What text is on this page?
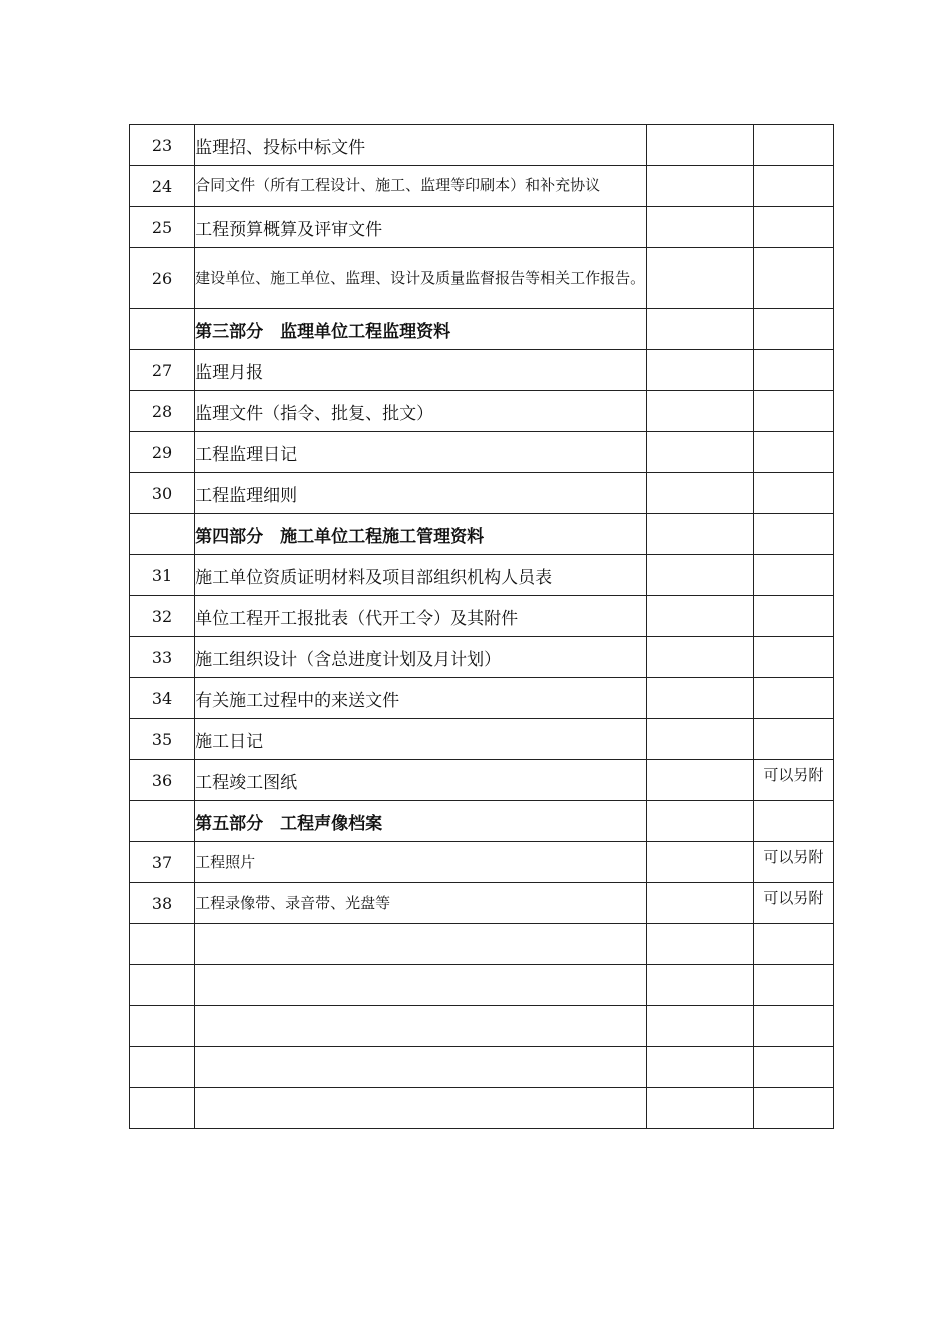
23	监理招、投标中标文件		
24	合同文件（所有工程设计、施工、监理等印刷本）和补充协议		

25	工程预算概算及评审文件		
26	建设单位、施工单位、监理、设计及质量监督报告等相关工作报告。		
	第三部分　监理单位工程监理资料		
27	监理月报		
28	监理文件（指令、批复、批文）		
29	工程监理日记		
30	工程监理细则		
	第四部分　施工单位工程施工管理资料		
31	施工单位资质证明材料及项目部组织机构人员表		
32	单位工程开工报批表（代开工令）及其附件		
33	施工组织设计（含总进度计划及月计划）		
34	有关施工过程中的来送文件		
35	施工日记		
36	工程竣工图纸		可以另附

	第五部分　工程声像档案		
37	工程照片		可以另附

38	工程录像带、录音带、光盘等		可以另附
